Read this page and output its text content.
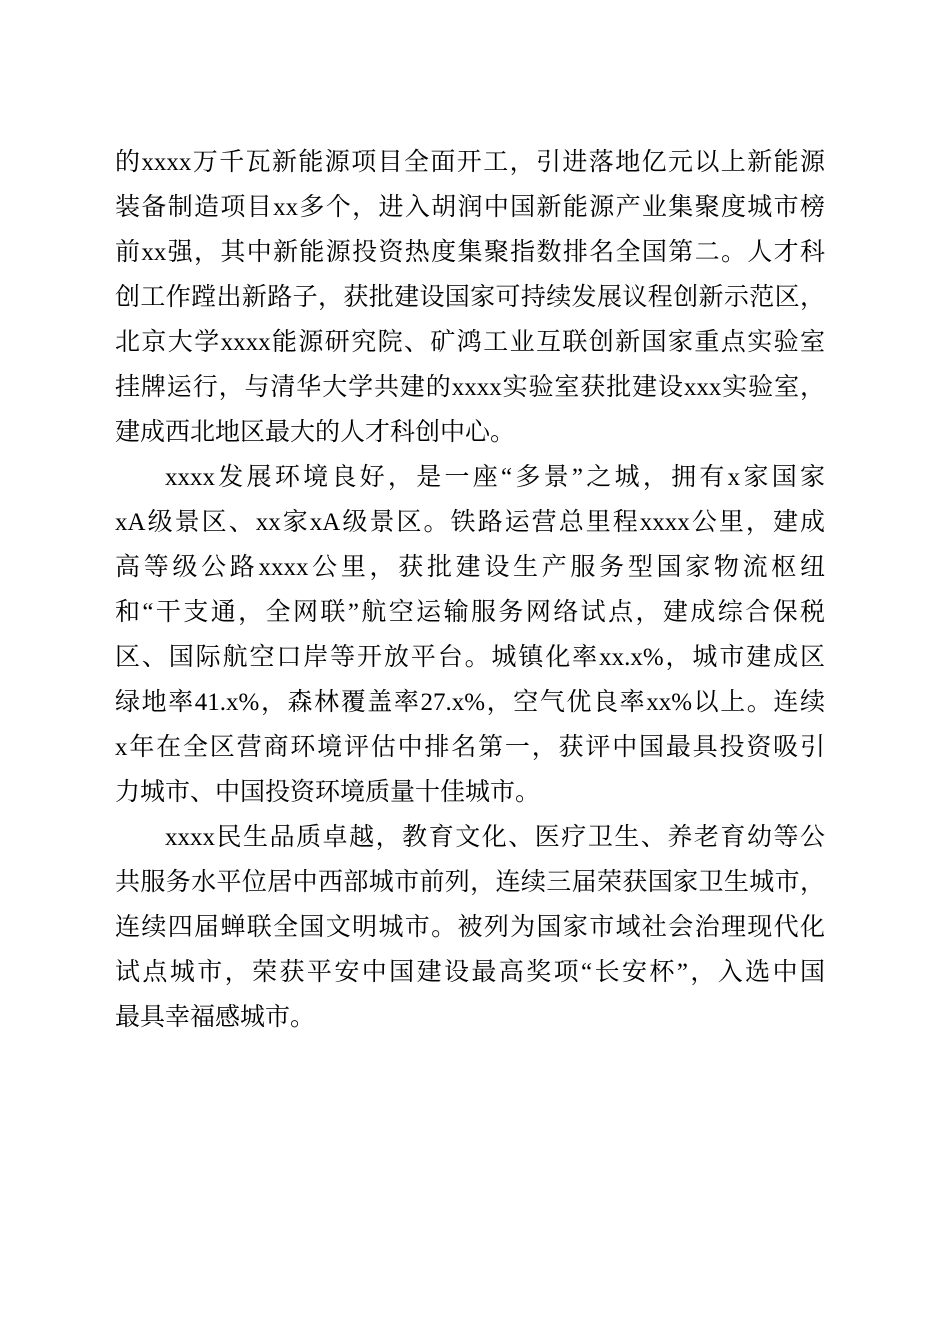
的xxxx万千瓦新能源项目全面开工，引进落地亿元以上新能源
装备制造项目xx多个，进入胡润中国新能源产业集聚度城市榜
前xx强，其中新能源投资热度集聚指数排名全国第二。人才科
创工作蹚出新路子，获批建设国家可持续发展议程创新示范区，
北京大学xxxx能源研究院、矿鸿工业互联创新国家重点实验室
挂牌运行，与清华大学共建的xxxx实验室获批建设xxx实验室，
建成西北地区最大的人才科创中心。
xxxx发展环境良好，是一座“多景”之城，拥有x家国家
xA级景区、xx家xA级景区。铁路运营总里程xxxx公里，建成
高等级公路xxxx公里，获批建设生产服务型国家物流枢纽
和“干支通，全网联”航空运输服务网络试点，建成综合保税
区、国际航空口岸等开放平台。城镇化率xx.x%，城市建成区
绿地率41.x%，森林覆盖率27.x%，空气优良率xx%以上。连续
x年在全区营商环境评估中排名第一，获评中国最具投资吸引
力城市、中国投资环境质量十佳城市。
xxxx民生品质卓越，教育文化、医疗卫生、养老育幼等公
共服务水平位居中西部城市前列，连续三届荣获国家卫生城市，
连续四届蝉联全国文明城市。被列为国家市域社会治理现代化
试点城市，荣获平安中国建设最高奖项“长安杯”，入选中国
最具幸福感城市。
